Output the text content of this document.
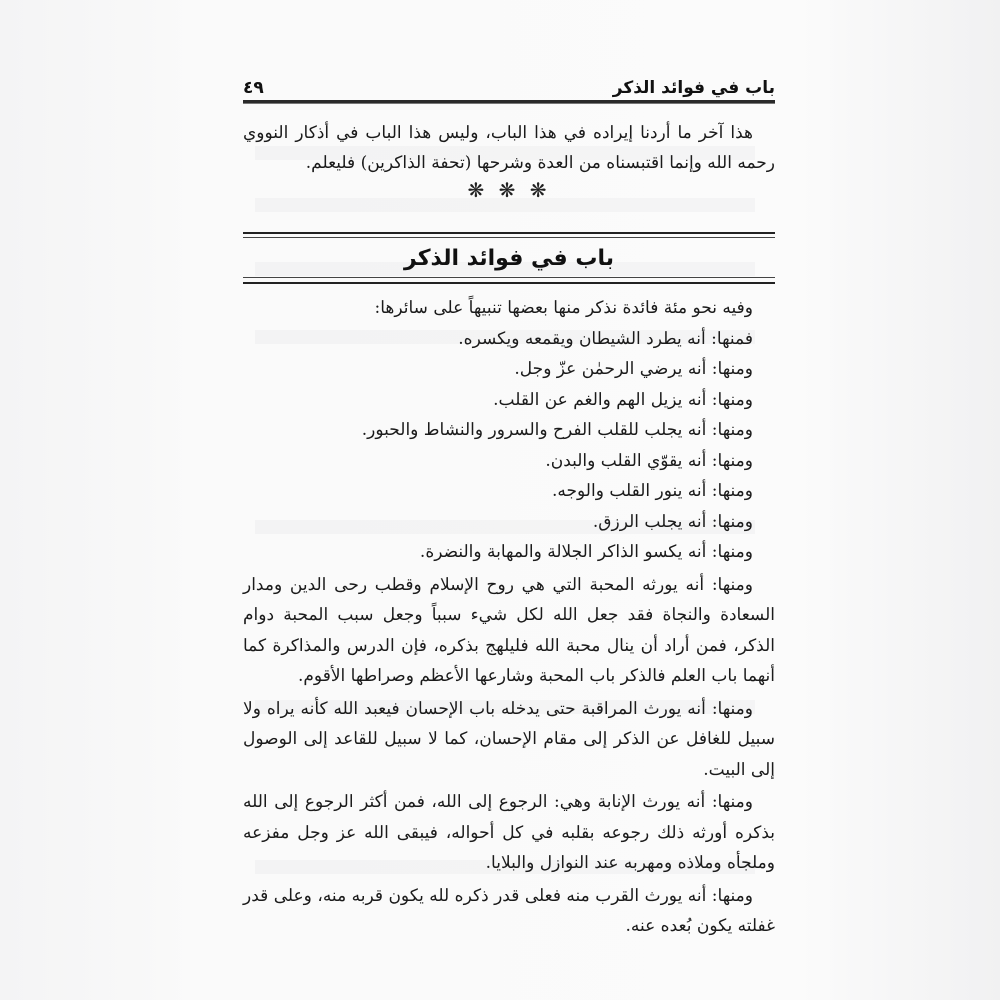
باب في فوائد الذكر
٤٩

هذا آخر ما أردنا إيراده في هذا الباب، وليس هذا الباب في أذكار النووي رحمه الله وإنما اقتبسناه من العدة وشرحها (تحفة الذاكرين) فليعلم.

❋ ❋ ❋
باب في فوائد الذكر

وفيه نحو مئة فائدة نذكر منها بعضها تنبيهاً على سائرها:

فمنها: أنه يطرد الشيطان ويقمعه ويكسره.

ومنها: أنه يرضي الرحمٰن عزّ وجل.

ومنها: أنه يزيل الهم والغم عن القلب.

ومنها: أنه يجلب للقلب الفرح والسرور والنشاط والحبور.

ومنها: أنه يقوّي القلب والبدن.

ومنها: أنه ينور القلب والوجه.

ومنها: أنه يجلب الرزق.

ومنها: أنه يكسو الذاكر الجلالة والمهابة والنضرة.

ومنها: أنه يورثه المحبة التي هي روح الإسلام وقطب رحى الدين ومدار السعادة والنجاة فقد جعل الله لكل شيء سبباً وجعل سبب المحبة دوام الذكر، فمن أراد أن ينال محبة الله فليلهج بذكره، فإن الدرس والمذاكرة كما أنهما باب العلم فالذكر باب المحبة وشارعها الأعظم وصراطها الأقوم.

ومنها: أنه يورث المراقبة حتى يدخله باب الإحسان فيعبد الله كأنه يراه ولا سبيل للغافل عن الذكر إلى مقام الإحسان، كما لا سبيل للقاعد إلى الوصول إلى البيت.

ومنها: أنه يورث الإنابة وهي: الرجوع إلى الله، فمن أكثر الرجوع إلى الله بذكره أورثه ذلك رجوعه بقلبه في كل أحواله، فيبقى الله عز وجل مفزعه وملجأه وملاذه ومهربه عند النوازل والبلايا.

ومنها: أنه يورث القرب منه فعلى قدر ذكره لله يكون قربه منه، وعلى قدر غفلته يكون بُعده عنه.
